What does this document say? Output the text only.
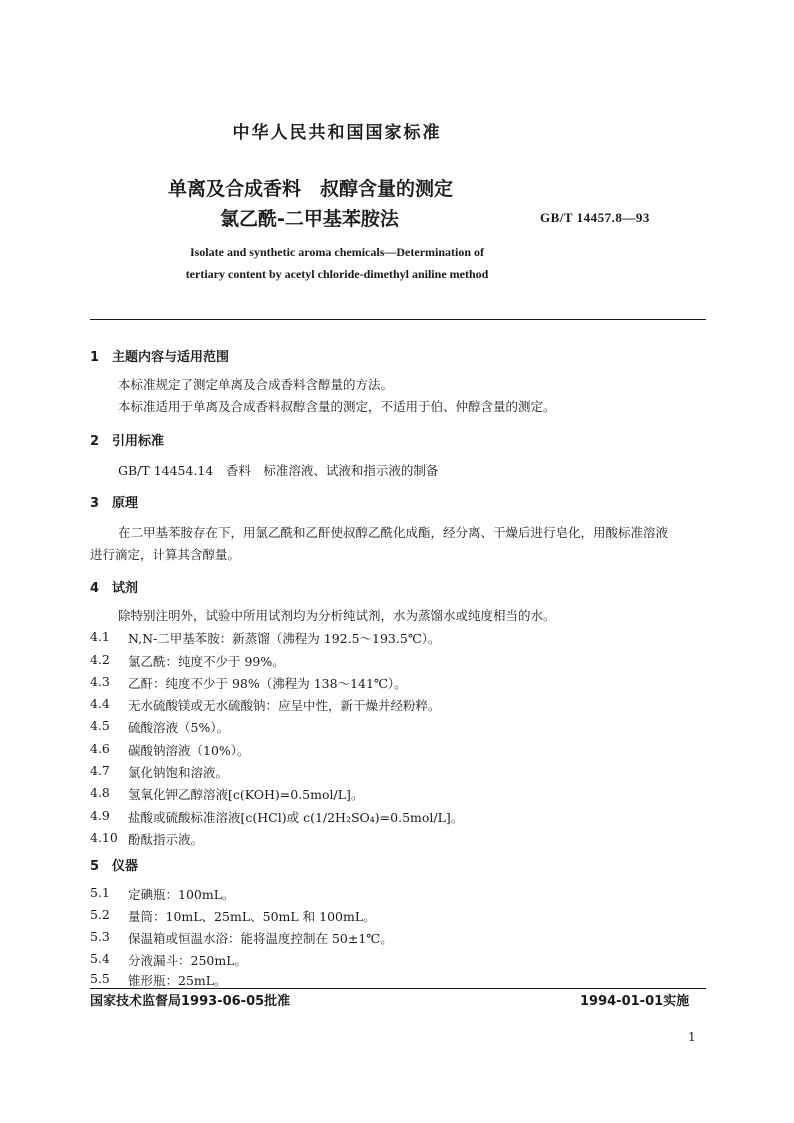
中华人民共和国国家标准
单离及合成香料　叔醇含量的测定
氯乙酰-二甲基苯胺法	GB/T 14457.8—93
Isolate and synthetic aroma chemicals—Determination of
tertiary content by acetyl chloride-dimethyl aniline method
1　主题内容与适用范围
本标准规定了测定单离及合成香料含醇量的方法。
本标准适用于单离及合成香料叔醇含量的测定，不适用于伯、仲醇含量的测定。
2　引用标准
GB/T 14454.14　香料　标准溶液、试液和指示液的制备
3　原理
在二甲基苯胺存在下，用氯乙酰和乙酐使叔醇乙酰化成酯，经分离、干燥后进行皂化，用酸标准溶液
进行滴定，计算其含醇量。
4　试剂
除特别注明外，试验中所用试剂均为分析纯试剂，水为蒸馏水或纯度相当的水。
4.1 N,N-二甲基苯胺：新蒸馏（沸程为 192.5～193.5℃）。
4.2 氯乙酰：纯度不少于 99%。
4.3 乙酐：纯度不少于 98%（沸程为 138～141℃）。
4.4 无水硫酸镁或无水硫酸钠：应呈中性，新干燥并经粉粹。
4.5 硫酸溶液（5%）。
4.6 碳酸钠溶液（10%）。
4.7 氯化钠饱和溶液。
4.8 氢氧化钾乙醇溶液[c(KOH)=0.5mol/L]。
4.9 盐酸或硫酸标准溶液[c(HCl)或 c(1/2H₂SO₄)=0.5mol/L]。
4.10 酚酞指示液。
5　仪器
5.1 定碘瓶：100mL。
5.2 量筒：10mL、25mL、50mL 和 100mL。
5.3 保温箱或恒温水浴：能将温度控制在 50±1℃。
5.4 分液漏斗：250mL。
5.5 锥形瓶：25mL。
国家技术监督局1993-06-05批准	1994-01-01实施
1
